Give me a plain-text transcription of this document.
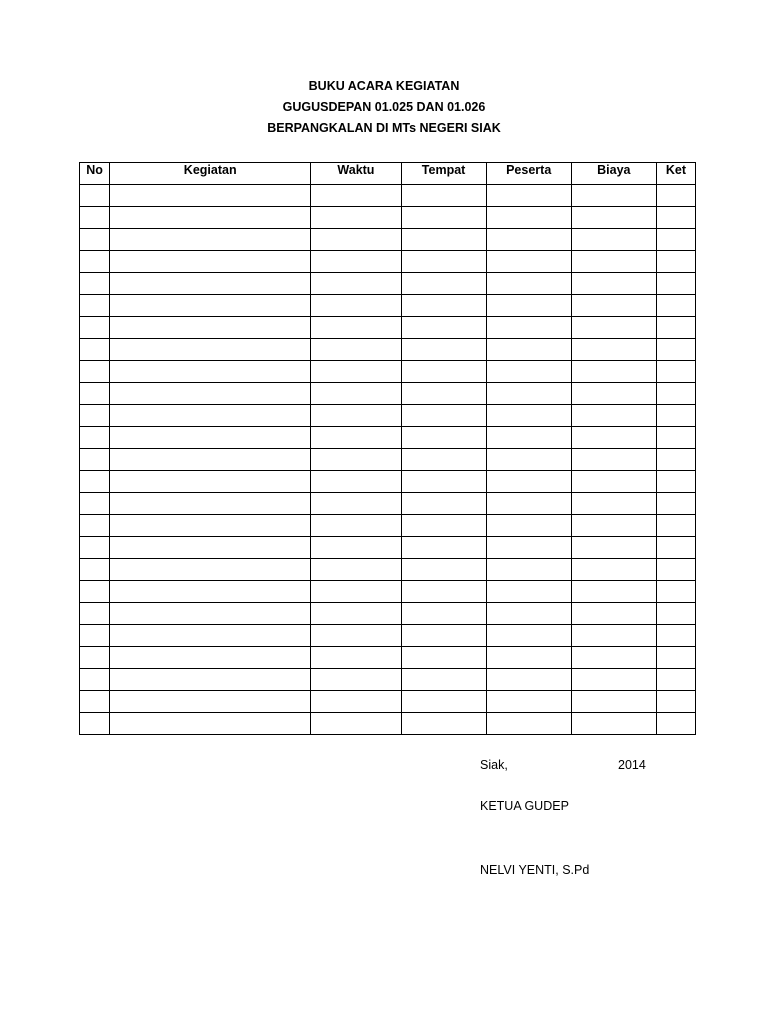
BUKU ACARA KEGIATAN
GUGUSDEPAN 01.025 DAN 01.026
BERPANGKALAN DI MTs NEGERI SIAK
No	Kegiatan	Waktu	Tempat	Peserta	Biaya	Ket

Siak,	2014
KETUA GUDEP
NELVI YENTI, S.Pd
